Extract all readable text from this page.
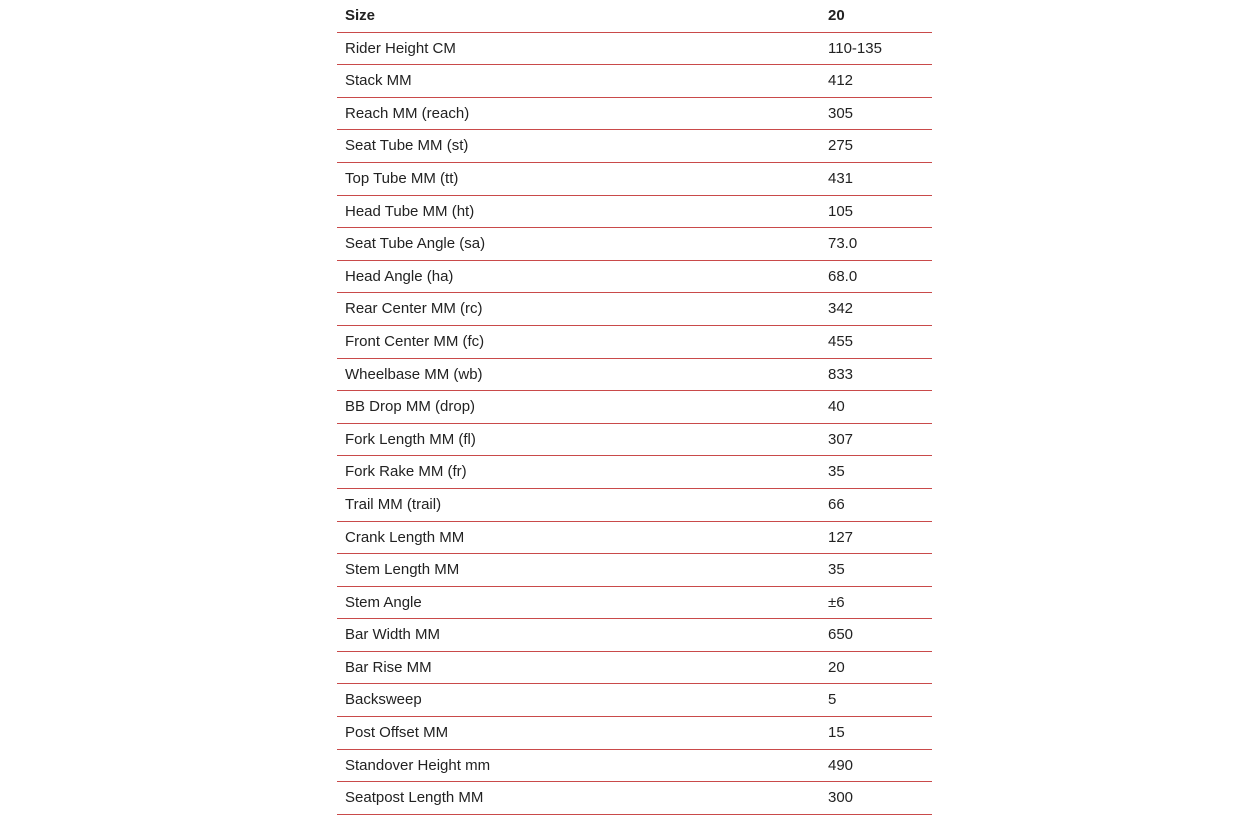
Size	20
Rider Height CM	110-135
Stack MM	412
Reach MM (reach)	305
Seat Tube MM (st)	275
Top Tube MM (tt)	431
Head Tube MM (ht)	105
Seat Tube Angle (sa)	73.0
Head Angle (ha)	68.0
Rear Center MM (rc)	342
Front Center MM (fc)	455
Wheelbase MM (wb)	833
BB Drop MM (drop)	40
Fork Length MM (fl)	307
Fork Rake MM (fr)	35
Trail MM (trail)	66
Crank Length MM	127
Stem Length MM	35
Stem Angle	±6
Bar Width MM	650
Bar Rise MM	20
Backsweep	5
Post Offset MM	15
Standover Height mm	490
Seatpost Length MM	300
